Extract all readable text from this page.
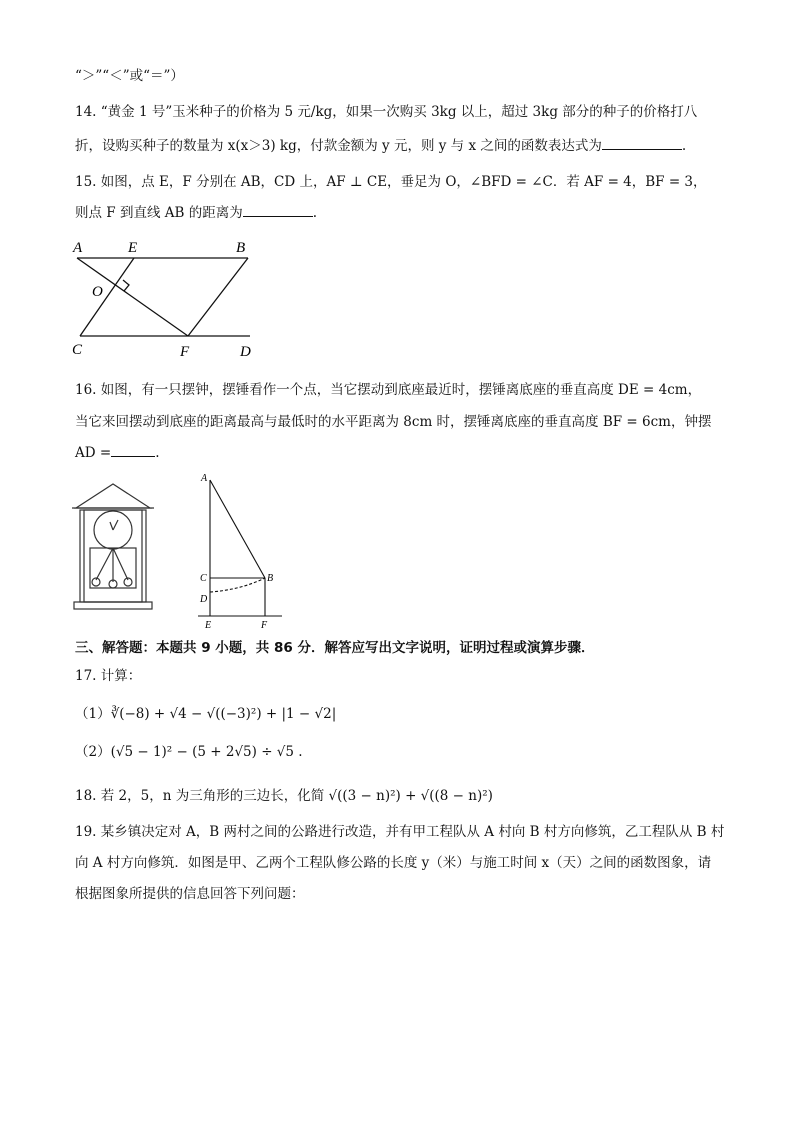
“＞”“＜”或“＝”）
14. “黄金 1 号”玉米种子的价格为 5 元/kg，如果一次购买 3kg 以上，超过 3kg 部分的种子的价格打八
折，设购买种子的数量为 x(x＞3) kg，付款金额为 y 元，则 y 与 x 之间的函数表达式为	.
15. 如图，点 E，F 分别在 AB，CD 上，AF ⊥ CE，垂足为 O，∠BFD = ∠C．若 AF = 4，BF = 3，
则点 F 到直线 AB 的距离为	.
A	E	B
O
C	F	D
16. 如图，有一只摆钟，摆锤看作一个点，当它摆动到底座最近时，摆锤离底座的垂直高度 DE = 4cm，
当它来回摆动到底座的距离最高与最低时的水平距离为 8cm 时，摆锤离底座的垂直高度 BF = 6cm，钟摆
AD =	.
A
B
C
D
E	F
三、解答题：本题共 9 小题，共 86 分．解答应写出文字说明，证明过程或演算步骤．
17. 计算：
（1）∛(−8) + √4 − √((−3)²) + |1 − √2|
（2）(√5 − 1)² − (5 + 2√5) ÷ √5 .
18. 若 2，5，n 为三角形的三边长，化简 √((3 − n)²) + √((8 − n)²)
19. 某乡镇决定对 A，B 两村之间的公路进行改造，并有甲工程队从 A 村向 B 村方向修筑，乙工程队从 B 村
向 A 村方向修筑．如图是甲、乙两个工程队修公路的长度 y（米）与施工时间 x（天）之间的函数图象，请
根据图象所提供的信息回答下列问题：
